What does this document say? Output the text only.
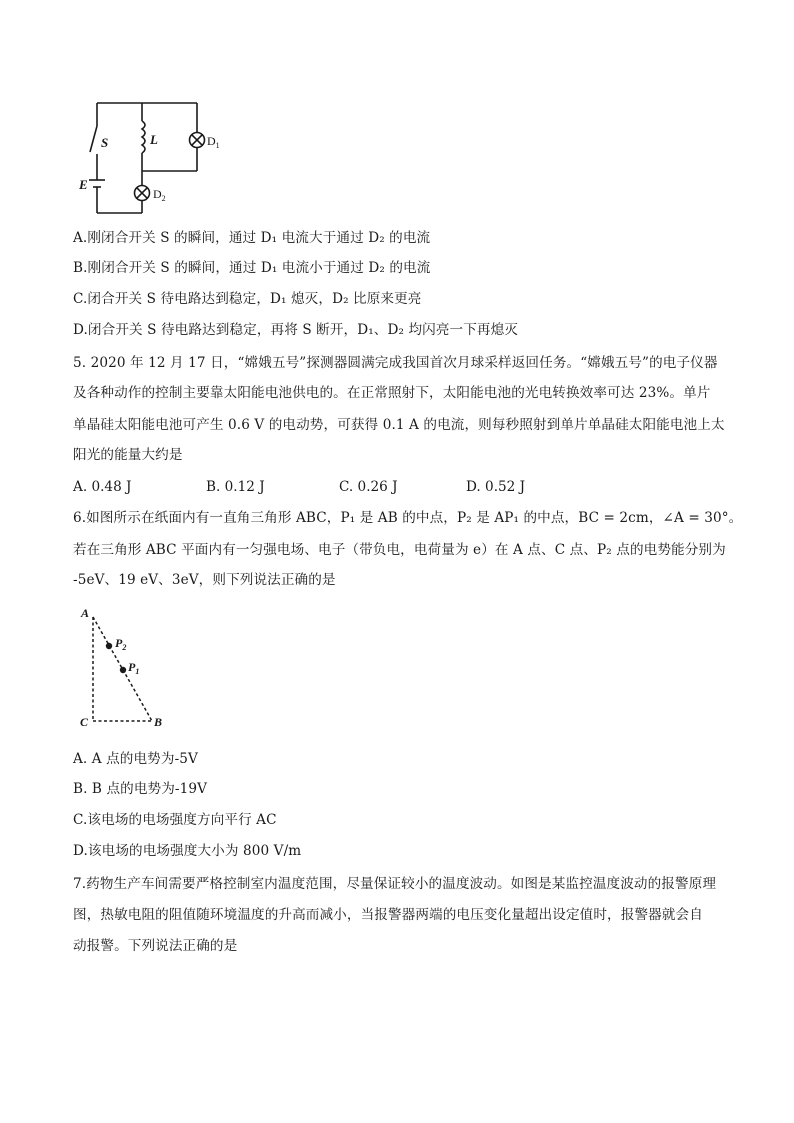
S	L
E
$D_1$
$D_2$
A.刚闭合开关 S 的瞬间，通过 D₁ 电流大于通过 D₂ 的电流
B.刚闭合开关 S 的瞬间，通过 D₁ 电流小于通过 D₂ 的电流
C.闭合开关 S 待电路达到稳定，D₁ 熄灭，D₂ 比原来更亮
D.闭合开关 S 待电路达到稳定，再将 S 断开，D₁、D₂ 均闪亮一下再熄灭
5. 2020 年 12 月 17 日，“嫦娥五号”探测器圆满完成我国首次月球采样返回任务。“嫦娥五号”的电子仪器
及各种动作的控制主要靠太阳能电池供电的。在正常照射下，太阳能电池的光电转换效率可达 23%。单片
单晶硅太阳能电池可产生 0.6 V 的电动势，可获得 0.1 A 的电流，则每秒照射到单片单晶硅太阳能电池上太
阳光的能量大约是
A. 0.48 J	B. 0.12 J	C. 0.26 J	D. 0.52 J
6.如图所示在纸面内有一直角三角形 ABC，P₁ 是 AB 的中点，P₂ 是 AP₁ 的中点，BC = 2cm，∠A = 30°。
若在三角形 ABC 平面内有一匀强电场、电子（带负电，电荷量为 e）在 A 点、C 点、P₂ 点的电势能分别为
-5eV、19 eV、3eV，则下列说法正确的是
A
C	B
$P_2$
$P_1$
A. A 点的电势为-5V
B. B 点的电势为-19V
C.该电场的电场强度方向平行 AC
D.该电场的电场强度大小为 800 V/m
7.药物生产车间需要严格控制室内温度范围，尽量保证较小的温度波动。如图是某监控温度波动的报警原理
图，热敏电阻的阻值随环境温度的升高而减小，当报警器两端的电压变化量超出设定值时，报警器就会自
动报警。下列说法正确的是
